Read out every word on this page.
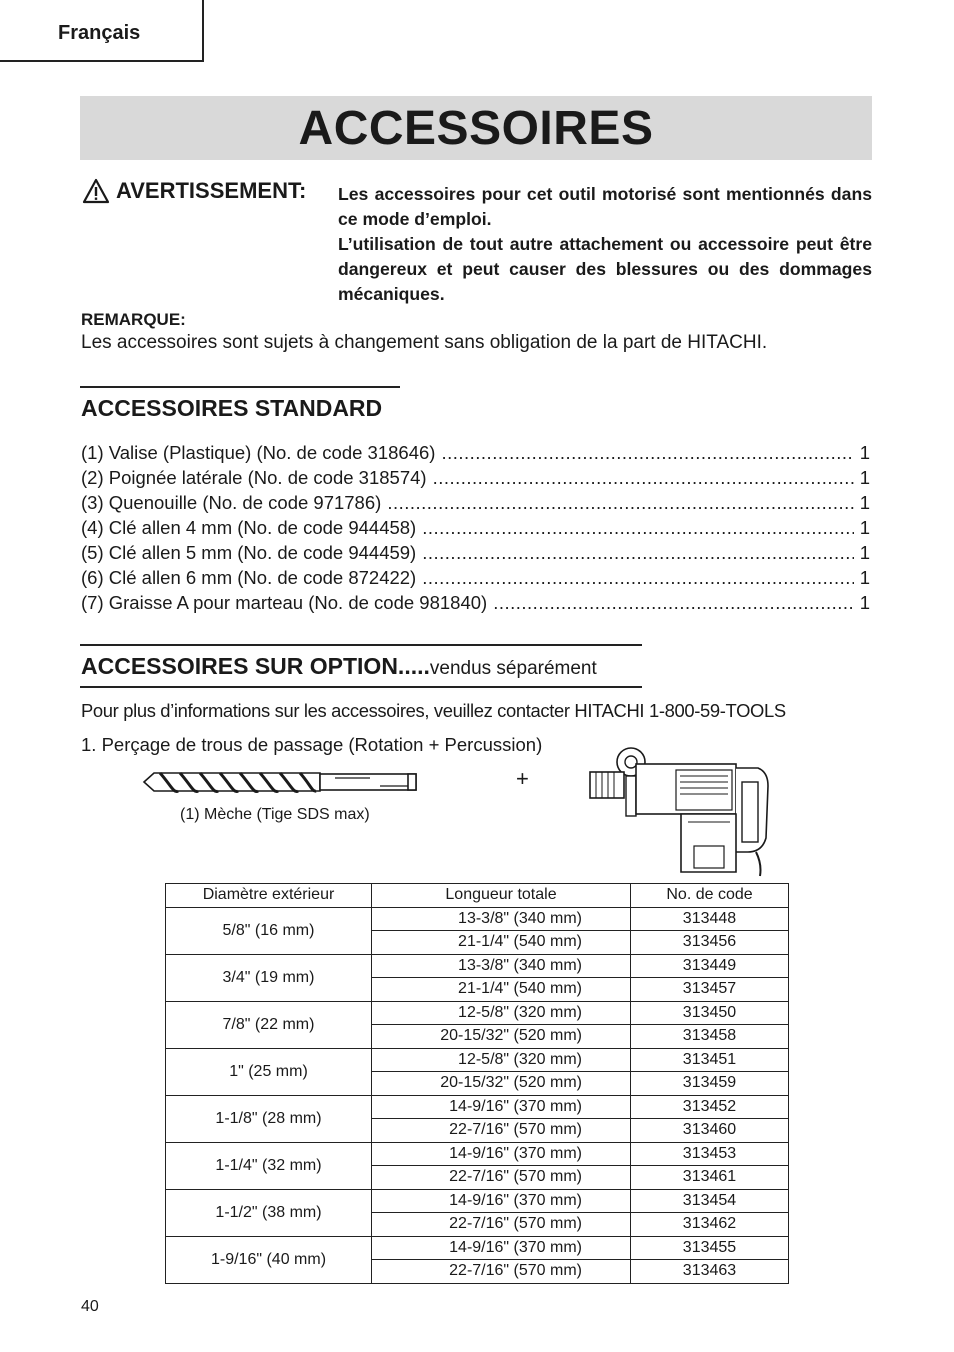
Français
ACCESSOIRES
AVERTISSEMENT: Les accessoires pour cet outil motorisé sont mentionnés dans ce mode d’emploi.

L’utilisation de tout autre attachement ou accessoire peut être dangereux et peut causer des blessures ou des dommages mécaniques.

REMARQUE:
Les accessoires sont sujets à changement sans obligation de la part de HITACHI.
ACCESSOIRES STANDARD
(1) Valise (Plastique) (No. de code 318646) .....	1
(2) Poignée latérale (No. de code 318574) .....	1
(3) Quenouille (No. de code 971786) .....	1
(4) Clé allen 4 mm (No. de code 944458) .....	1
(5) Clé allen 5 mm (No. de code 944459) .....	1
(6) Clé allen 6 mm (No. de code 872422) .....	1
(7) Graisse A pour marteau (No. de code 981840) .....	1
ACCESSOIRES SUR OPTION.....vendus séparément
Pour plus d’informations sur les accessoires, veuillez contacter HITACHI 1-800-59-TOOLS
1. Perçage de trous de passage (Rotation + Percussion)
+
(1) Mèche (Tige SDS max)
Diamètre extérieur	Longueur totale	No. de code
5/8" (16 mm)	13-3/8" (340 mm)	313448
	21-1/4" (540 mm)	313456
3/4" (19 mm)	13-3/8" (340 mm)	313449
	21-1/4" (540 mm)	313457
7/8" (22 mm)	12-5/8" (320 mm)	313450
	20-15/32" (520 mm)	313458
1" (25 mm)	12-5/8" (320 mm)	313451
	20-15/32" (520 mm)	313459
1-1/8" (28 mm)	14-9/16" (370 mm)	313452
	22-7/16" (570 mm)	313460
1-1/4" (32 mm)	14-9/16" (370 mm)	313453
	22-7/16" (570 mm)	313461
1-1/2" (38 mm)	14-9/16" (370 mm)	313454
	22-7/16" (570 mm)	313462
1-9/16" (40 mm)	14-9/16" (370 mm)	313455
	22-7/16" (570 mm)	313463
40
